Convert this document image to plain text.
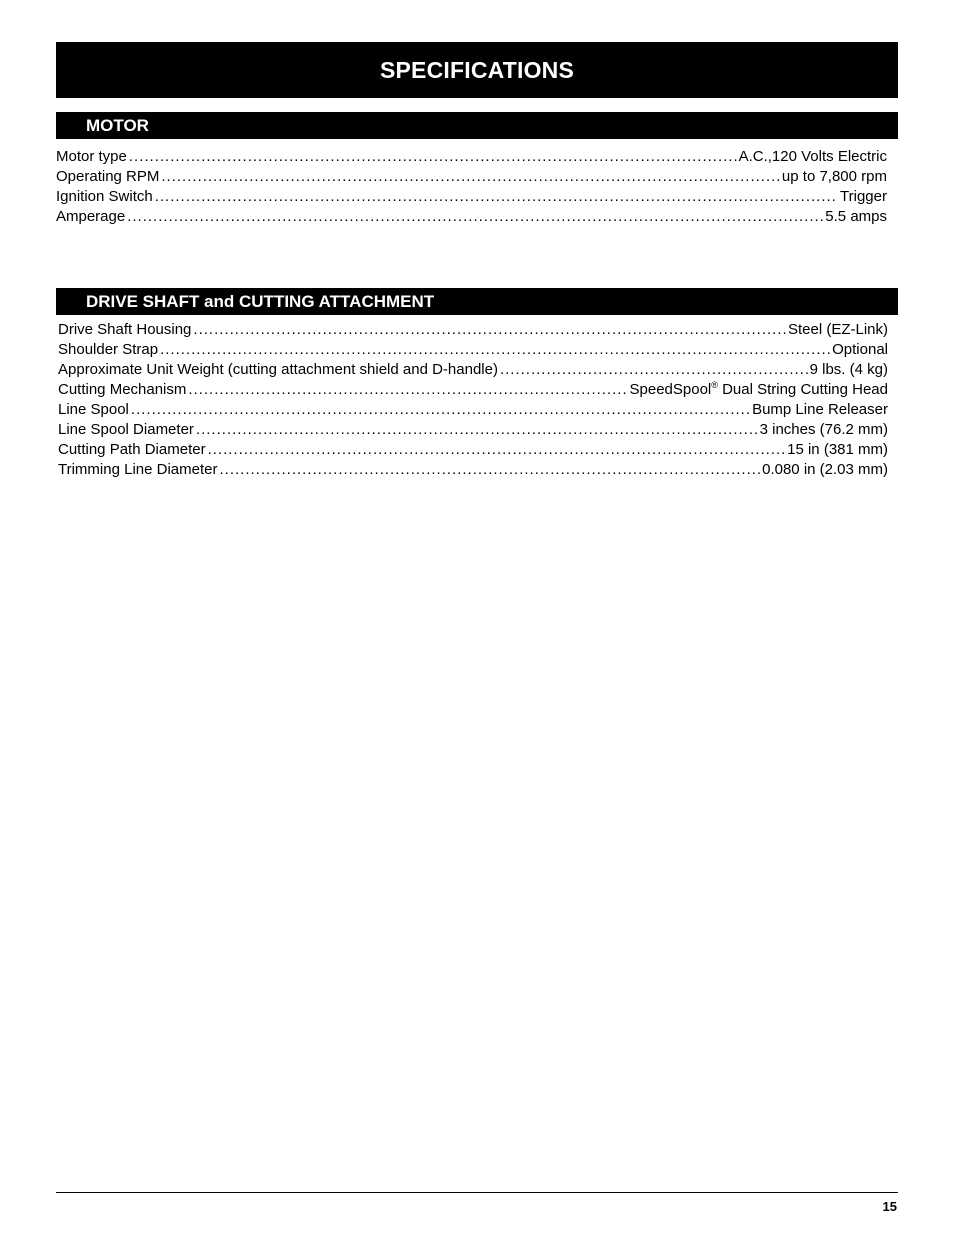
SPECIFICATIONS
MOTOR
Motor type .....	A.C.,120 Volts Electric
Operating RPM .....	up to 7,800 rpm
Ignition Switch .....	Trigger
Amperage .....	5.5 amps
DRIVE SHAFT and CUTTING ATTACHMENT
Drive Shaft Housing .....	Steel (EZ-Link)
Shoulder Strap .....	Optional
Approximate Unit Weight (cutting attachment shield and D-handle) .....	9 lbs. (4 kg)
Cutting Mechanism .....	SpeedSpool® Dual String Cutting Head
Line Spool .....	Bump Line Releaser
Line Spool Diameter .....	3 inches (76.2 mm)
Cutting Path Diameter .....	15 in (381 mm)
Trimming Line Diameter .....	0.080 in (2.03 mm)
15
